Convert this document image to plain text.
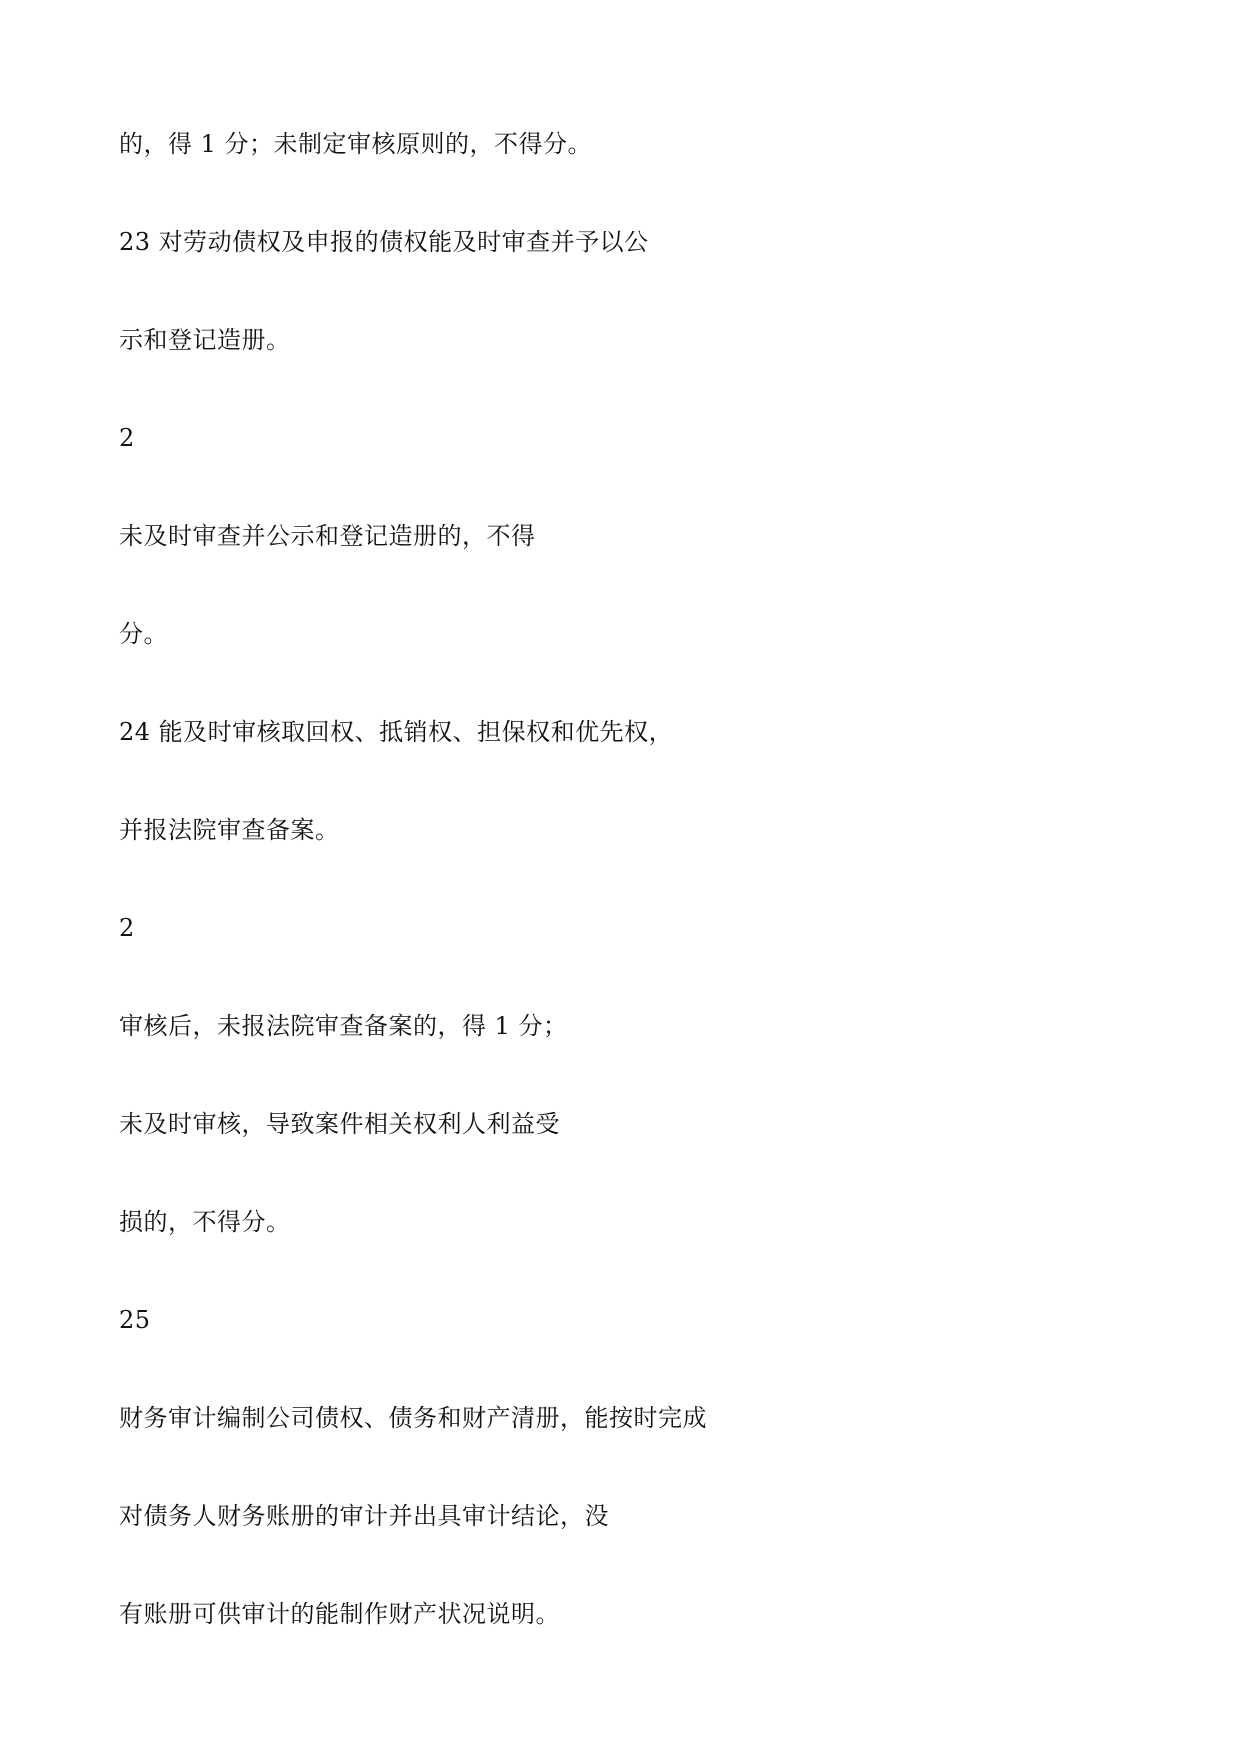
的，得 1 分；未制定审核原则的，不得分。
23 对劳动债权及申报的债权能及时审查并予以公
示和登记造册。
2
未及时审查并公示和登记造册的，不得
分。
24 能及时审核取回权、抵销权、担保权和优先权，
并报法院审查备案。
2
审核后，未报法院审查备案的，得 1 分；
未及时审核，导致案件相关权利人利益受
损的，不得分。
25
财务审计编制公司债权、债务和财产清册，能按时完成
对债务人财务账册的审计并出具审计结论，没
有账册可供审计的能制作财产状况说明。
